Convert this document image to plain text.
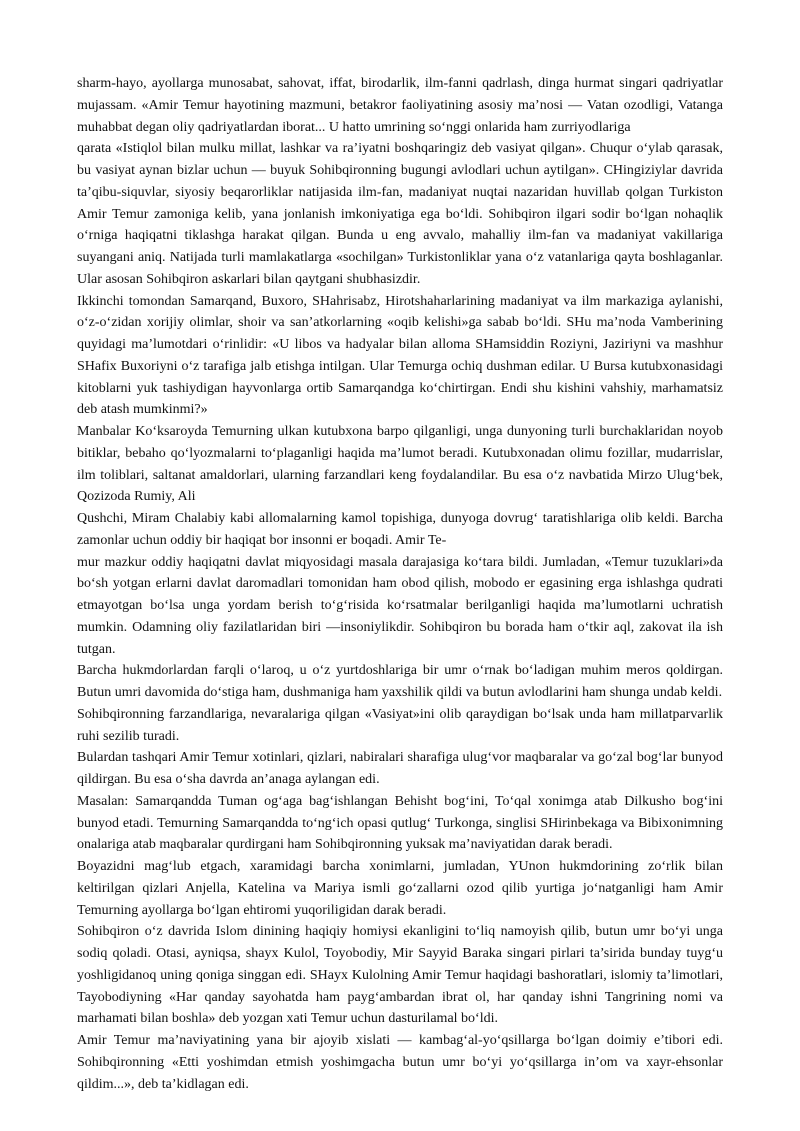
sharm-hayo, ayollarga munosabat, sahovat, iffat, birodarlik, ilm-fanni qadrlash, dinga hurmat singari qadriyatlar mujassam. «Amir Temur hayotining mazmuni, betakror faoliyatining asosiy ma’nosi — Vatan ozodligi, Vatanga muhabbat degan oliy qadriyatlardan iborat... U hatto umrining so‘nggi onlarida ham zurriyodlariga

qarata «Istiqlol bilan mulku millat, lashkar va ra’iyatni boshqaringiz deb vasiyat qilgan». Chuqur o‘ylab qarasak, bu vasiyat aynan bizlar uchun — buyuk Sohibqironning bugungi avlodlari uchun aytilgan». CHingiziylar davrida ta’qibu-siquvlar, siyosiy beqarorliklar natijasida ilm-fan, madaniyat nuqtai nazaridan huvillab qolgan Turkiston Amir Temur zamoniga kelib, yana jonlanish imkoniyatiga ega bo‘ldi. Sohibqiron ilgari sodir bo‘lgan nohaqlik o‘rniga haqiqatni tiklashga harakat qilgan. Bunda u eng avvalo, mahalliy ilm-fan va madaniyat vakillariga suyangani aniq. Natijada turli mamlakatlarga «sochilgan» Turkistonliklar yana o‘z vatanlariga qayta boshlaganlar. Ular asosan Sohibqiron askarlari bilan qaytgani shubhasizdir.

Ikkinchi tomondan Samarqand, Buxoro, SHahrisabz, Hirotshaharlarining madaniyat va ilm markaziga aylanishi, o‘z-o‘zidan xorijiy olimlar, shoir va san’atkorlarning «oqib kelishi»ga sabab bo‘ldi. SHu ma’noda Vamberining quyidagi ma’lumotdari o‘rinlidir: «U libos va hadyalar bilan alloma SHamsiddin Roziyni, Jaziriyni va mashhur SHafix Buxoriyni o‘z tarafiga jalb etishga intilgan. Ular Temurga ochiq dushman edilar. U Bursa kutubxonasidagi kitoblarni yuk tashiydigan hayvonlarga ortib Samarqandga ko‘chirtirgan. Endi shu kishini vahshiy, marhamatsiz deb atash mumkinmi?»

Manbalar Ko‘ksaroyda Temurning ulkan kutubxona barpo qilganligi, unga dunyoning turli burchaklaridan noyob bitiklar, bebaho qo‘lyozmalarni to‘plaganligi haqida ma’lumot beradi. Kutubxonadan olimu fozillar, mudarrislar, ilm toliblari, saltanat amaldorlari, ularning farzandlari keng foydalandilar. Bu esa o‘z navbatida Mirzo Ulug‘bek, Qozizoda Rumiy, Ali

Qushchi, Miram Chalabiy kabi allomalarning kamol topishiga, dunyoga dovrug‘ taratishlariga olib keldi. Barcha zamonlar uchun oddiy bir haqiqat bor insonni er boqadi. Amir Te-

mur mazkur oddiy haqiqatni davlat miqyosidagi masala darajasiga ko‘tara bildi. Jumladan, «Temur tuzuklari»da bo‘sh yotgan erlarni davlat daromadlari tomonidan ham obod qilish, mobodo er egasining erga ishlashga qudrati etmayotgan bo‘lsa unga yordam berish to‘g‘risida ko‘rsatmalar berilganligi haqida ma’lumotlarni uchratish mumkin. Odamning oliy fazilatlaridan biri —insoniylikdir. Sohibqiron bu borada ham o‘tkir aql, zakovat ila ish tutgan.

Barcha hukmdorlardan farqli o‘laroq, u o‘z yurtdoshlariga bir umr o‘rnak bo‘ladigan muhim meros qoldirgan. Butun umri davomida do‘stiga ham, dushmaniga ham yaxshilik qildi va butun avlodlarini ham shunga undab keldi.

Sohibqironning farzandlariga, nevaralariga qilgan «Vasiyat»ini olib qaraydigan bo‘lsak unda ham millatparvarlik ruhi sezilib turadi.

Bulardan tashqari Amir Temur xotinlari, qizlari, nabiralari sharafiga ulug‘vor maqbaralar va go‘zal bog‘lar bunyod qildirgan. Bu esa o‘sha davrda an’anaga aylangan edi.

Masalan: Samarqandda Tuman og‘aga bag‘ishlangan Behisht bog‘ini, To‘qal xonimga atab Dilkusho bog‘ini bunyod etadi. Temurning Samarqandda to‘ng‘ich opasi qutlug‘ Turkonga, singlisi SHirinbekaga va Bibixonimning onalariga atab maqbaralar qurdirgani ham Sohibqironning yuksak ma’naviyatidan darak beradi.

Boyazidni mag‘lub etgach, xaramidagi barcha xonimlarni, jumladan, YUnon hukmdorining zo‘rlik bilan keltirilgan qizlari Anjella, Katelina va Mariya ismli go‘zallarni ozod qilib yurtiga jo‘natganligi ham Amir Temurning ayollarga bo‘lgan ehtiromi yuqoriligidan darak beradi.

Sohibqiron o‘z davrida Islom dinining haqiqiy homiysi ekanligini to‘liq namoyish qilib, butun umr bo‘yi unga sodiq qoladi. Otasi, ayniqsa, shayx Kulol, Toyobodiy, Mir Sayyid Baraka singari pirlari ta’sirida bunday tuyg‘u yoshligidanoq uning qoniga singgan edi. SHayx Kulolning Amir Temur haqidagi bashoratlari, islomiy ta’limotlari, Tayobodiyning «Har qanday sayohatda ham payg‘ambardan ibrat ol, har qanday ishni Tangrining nomi va marhamati bilan boshla» deb yozgan xati Temur uchun dasturilamal bo‘ldi.

Amir Temur ma’naviyatining yana bir ajoyib xislati — kambag‘al-yo‘qsillarga bo‘lgan doimiy e’tibori edi. Sohibqironning «Etti yoshimdan etmish yoshimgacha butun umr bo‘yi yo‘qsillarga in’om va xayr-ehsonlar qildim...», deb ta’kidlagan edi.
